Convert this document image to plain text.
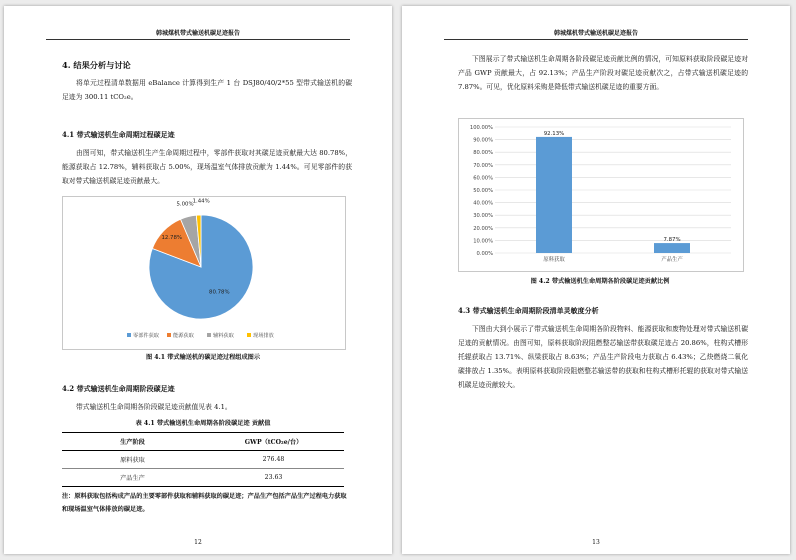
韩城煤机带式输送机碳足迹报告
4. 结果分析与讨论
将单元过程清单数据用 eBalance 计算得到生产 1 台 DSJ80/40/2*55 型带式输送机的碳足迹为 300.11 tCO₂e。
4.1 带式输送机生命周期过程碳足迹
由图可知，带式输送机生产生命周期过程中，零部件获取对其碳足迹贡献最大达 80.78%，能源获取占 12.78%，辅料获取占 5.00%，现场温室气体排放贡献为 1.44%。可见零部件的获取对带式输送机碳足迹贡献最大。
80.78%
12.78%
5.00%
1.44%
零部件获取	能源获取	辅料获取	现场排放
图 4.1 带式输送机的碳足迹过程组成图示
4.2 带式输送机生命周期阶段碳足迹
带式输送机生命周期各阶段碳足迹贡献值见表 4.1。
表 4.1 带式输送机生命周期各阶段碳足迹 贡献值
生产阶段	GWP（tCO₂e/台）
原料获取	276.48
产品生产	23.63
注：原料获取包括构成产品的主要零部件获取和辅料获取的碳足迹；产品生产包括产品生产过程电力获取和现场温室气体排放的碳足迹。
12
韩城煤机带式输送机碳足迹报告
下图展示了带式输送机生命周期各阶段碳足迹贡献比例的情况，可知原料获取阶段碳足迹对产品 GWP 贡献最大，占 92.13%；产品生产阶段对碳足迹贡献次之，占带式输送机碳足迹的 7.87%。可见，优化原料采购是降低带式输送机碳足迹的重要方面。
0.00%
10.00%
20.00%
30.00%
40.00%
50.00%
60.00%
70.00%
80.00%
90.00%
100.00%
92.13%
原料获取
7.87%
产品生产
图 4.2 带式输送机生命周期各阶段碳足迹贡献比例
4.3 带式输送机生命周期阶段清单灵敏度分析
下图由大到小展示了带式输送机生命周期各阶段物料、能源获取和废物处理对带式输送机碳足迹的贡献情况。由图可知，原料获取阶段阻燃整芯输送带获取碳足迹占 20.86%，柱构式槽形托辊获取占 13.71%、纵梁获取占 8.63%；产品生产阶段电力获取占 6.43%；乙炔燃烧二氧化碳排放占 1.35%。表明原料获取阶段阻燃整芯输送带的获取和柱构式槽形托辊的获取对带式输送机碳足迹贡献较大。
13
